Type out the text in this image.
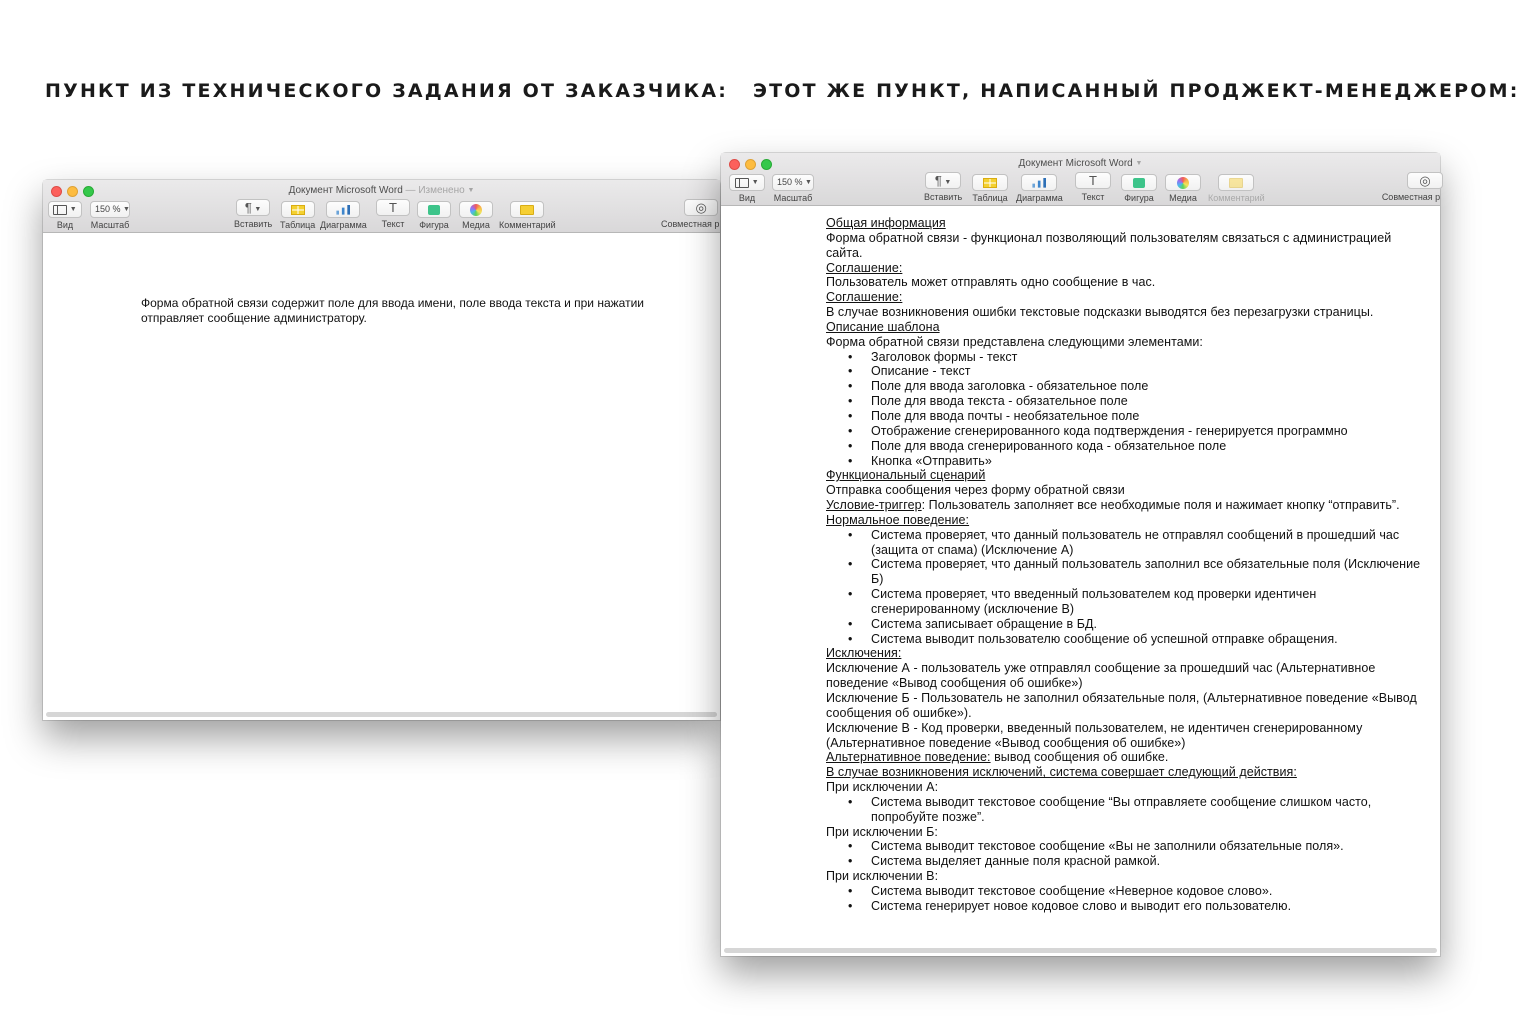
ПУНКТ ИЗ ТЕХНИЧЕСКОГО ЗАДАНИЯ ОТ ЗАКАЗЧИКА: ЭТОТ ЖЕ ПУНКТ, НАПИСАННЫЙ ПРОДЖЕКТ-МЕНЕДЖЕРОМ:
Документ Microsoft Word — Изменено ▼
▼
Вид
150 % ▼
Масштаб
¶ ▼
Вставить Таблица Диаграмма
T
Текст	Фигура	Медиа	Комментарий
◎
Совместная р
Форма обратной связи содержит поле для ввода имени, поле ввода текста и при нажатии отправляет сообщение администратору.
Документ Microsoft Word ▼
▼
Вид
150 % ▼
Масштаб
¶ ▼
Вставить Таблица Диаграмма
T
Текст	Фигура	Медиа	Комментарий
◎
Совместная р

Общая информация

Форма обратной связи - функционал позволяющий пользователям связаться с администрацией сайта.

Соглашение:

Пользователь может отправлять одно сообщение в час.

Соглашение:

В случае возникновения ошибки текстовые подсказки выводятся без перезагрузки страницы.

Описание шаблона

Форма обратной связи представлена следующими элементами:

• Заголовок формы - текст
• Описание - текст
• Поле для ввода заголовка - обязательное поле
• Поле для ввода текста - обязательное поле
• Поле для ввода почты - необязательное поле
• Отображение сгенерированного кода подтверждения - генерируется программно
• Поле для ввода сгенерированного кода - обязательное поле
• Кнопка «Отправить»

Функциональный сценарий

Отправка сообщения через форму обратной связи

Условие-триггер: Пользователь заполняет все необходимые поля и нажимает кнопку “отправить”.

Нормальное поведение:

• Система проверяет, что данный пользователь не отправлял сообщений в прошедший час (защита от спама) (Исключение А)
• Система проверяет, что данный пользователь заполнил все обязательные поля (Исключение Б)
• Система проверяет, что введенный пользователем код проверки идентичен сгенерированному (исключение В)
• Система записывает обращение в БД.
• Система выводит пользователю сообщение об успешной отправке обращения.

Исключения:

Исключение А - пользователь уже отправлял сообщение за прошедший час (Альтернативное поведение «Вывод сообщения об ошибке»)

Исключение Б - Пользователь не заполнил обязательные поля, (Альтернативное поведение «Вывод сообщения об ошибке»).

Исключение В - Код проверки, введенный пользователем, не идентичен сгенерированному (Альтернативное поведение «Вывод сообщения об ошибке»)

Альтернативное поведение: вывод сообщения об ошибке.

В случае возникновения исключений, система совершает следующий действия:

При исключении А:

• Система выводит текстовое сообщение “Вы отправляете сообщение слишком часто, попробуйте позже”.

При исключении Б:

• Система выводит текстовое сообщение «Вы не заполнили обязательные поля».
• Система выделяет данные поля красной рамкой.

При исключении В:

• Система выводит текстовое сообщение «Неверное кодовое слово».
• Система генерирует новое кодовое слово и выводит его пользователю.
